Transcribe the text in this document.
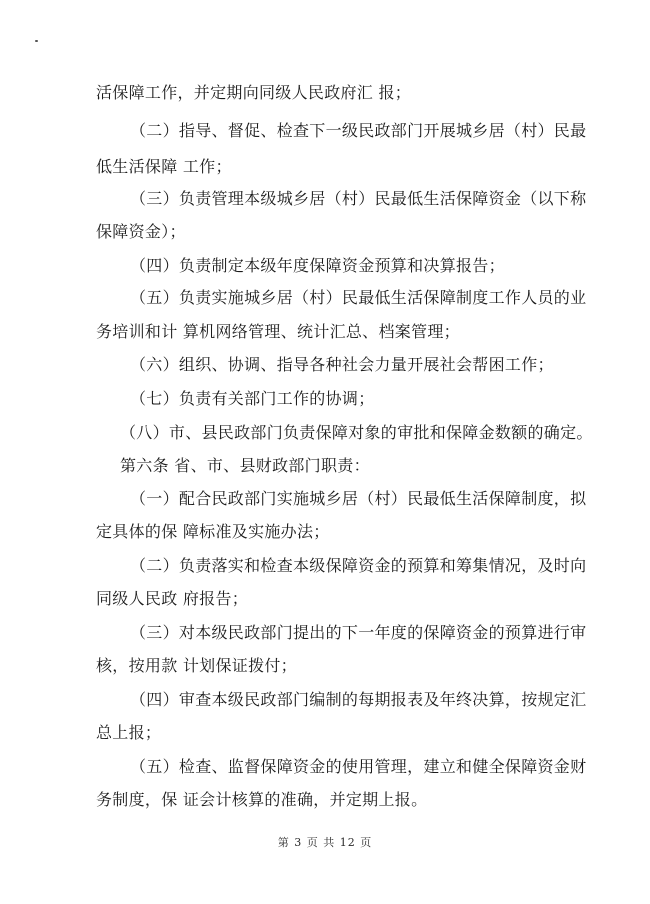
活保障工作，并定期向同级人民政府汇 报；
（二）指导、督促、检查下一级民政部门开展城乡居（村）民最
低生活保障 工作；
（三）负责管理本级城乡居（村）民最低生活保障资金（以下称
保障资金）；
（四）负责制定本级年度保障资金预算和决算报告；
（五）负责实施城乡居（村）民最低生活保障制度工作人员的业
务培训和计 算机网络管理、统计汇总、档案管理；
（六）组织、协调、指导各种社会力量开展社会帮困工作；
（七）负责有关部门工作的协调；
（八）市、县民政部门负责保障对象的审批和保障金数额的确定。
第六条 省、市、县财政部门职责：
（一）配合民政部门实施城乡居（村）民最低生活保障制度，拟
定具体的保 障标准及实施办法；
（二）负责落实和检查本级保障资金的预算和筹集情况，及时向
同级人民政 府报告；
（三）对本级民政部门提出的下一年度的保障资金的预算进行审
核，按用款 计划保证拨付；
（四）审查本级民政部门编制的每期报表及年终决算，按规定汇
总上报；
（五）检查、监督保障资金的使用管理，建立和健全保障资金财
务制度，保 证会计核算的准确，并定期上报。
第 3 页 共 12 页
